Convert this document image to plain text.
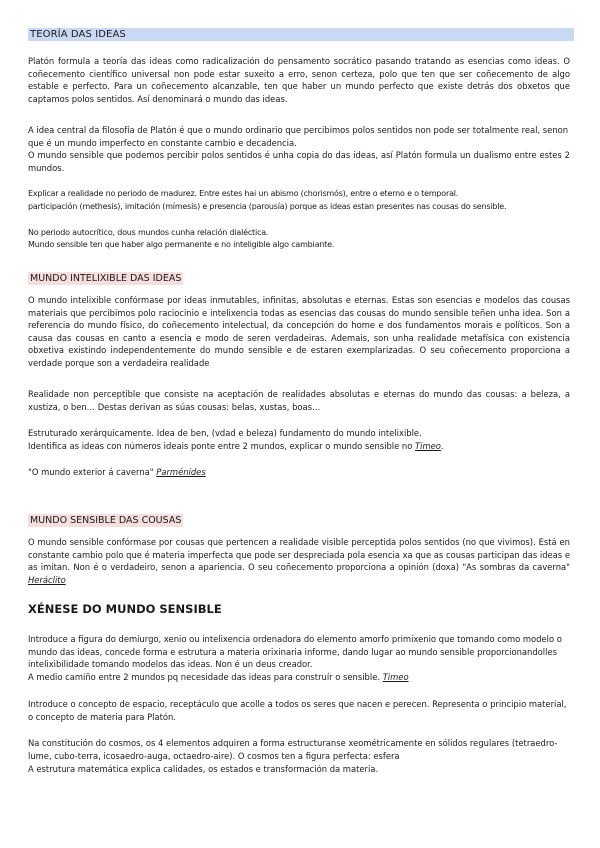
TEORÍA DAS IDEAS

Platón formula a teoría das ideas como radicalización do pensamento socrático pasando tratando as esencias como ideas. O coñecemento científico universal non pode estar suxeito a erro, senon certeza, polo que ten que ser coñecemento de algo estable e perfecto. Para un coñecemento alcanzable, ten que haber un mundo perfecto que existe detrás dos obxetos que captamos polos sentidos. Así denominará o mundo das ideas.

A idea central da filosofía de Platón é que o mundo ordinario que percibimos polos sentidos non pode ser totalmente real, senon que é un mundo imperfecto en constante cambio e decadencia.

O mundo sensible que podemos percibir polos sentidos é unha copia do das ideas, así Platón formula un dualismo entre estes 2 mundos.

Explicar a realidade no periodo de madurez. Entre estes hai un abismo (chorismós), entre o eterno e o temporal.

participación (methesis), imitación (mímesis) e presencia (parousía) porque as ideas estan presentes nas cousas do sensible.

No periodo autocrítico, dous mundos cunha relación dialéctica.

Mundo sensible ten que haber algo permanente e no inteligible algo cambiante.

MUNDO INTELIXIBLE DAS IDEAS

O mundo intelixible confórmase por ideas inmutables, infinitas, absolutas e eternas. Estas son esencias e modelos das cousas materiais que percibimos polo raciocinio e intelixencia todas as esencias das cousas do mundo sensible teñen unha idea. Son a referencia do mundo físico, do coñecemento intelectual, da concepción do home e dos fundamentos morais e políticos. Son a causa das cousas en canto a esencia e modo de seren verdadeiras. Ademais, son unha realidade metafísica con existencia obxetiva existindo independentemente do mundo sensible e de estaren exemplarizadas. O seu coñecemento proporciona a verdade porque son a verdadeira realidade

Realidade non perceptible que consiste na aceptación de realidades absolutas e eternas do mundo das cousas: a beleza, a xustiza, o ben… Destas derivan as súas cousas: belas, xustas, boas…

Estruturado xerárquicamente. Idea de ben, (vdad e beleza) fundamento do mundo intelixible.

Identifica as ideas con números ideais ponte entre 2 mundos, explicar o mundo sensible no Timeo.

"O mundo exterior á caverna" Parménides

MUNDO SENSIBLE DAS COUSAS

O mundo sensible confórmase por cousas que pertencen a realidade visible perceptida polos sentidos (no que vivimos). Está en constante cambio polo que é materia imperfecta que pode ser despreciada pola esencia xa que as cousas participan das ideas e as imitan. Non é o verdadeiro, senon a apariencia. O seu coñecemento proporciona a opinión (doxa) "As sombras da caverna" Heráclito

XÉNESE DO MUNDO SENSIBLE

Introduce a figura do demiurgo, xenio ou intelixencia ordenadora do elemento amorfo primixenio que tomando como modelo o mundo das ideas, concede forma e estrutura a materia orixinaria informe, dando lugar ao mundo sensible proporcionandolles intelixibilidade tomando modelos das ideas. Non é un deus creador.

A medio camiño entre 2 mundos pq necesidade das ideas para construír o sensible. Timeo

Introduce o concepto de espacio, receptáculo que acolle a todos os seres que nacen e perecen. Representa o principio material, o concepto de materia para Platón.

Na constitución do cosmos, os 4 elementos adquiren a forma estructuranse xeométricamente en sólidos regulares (tetraedro-lume, cubo-terra, icosaedro-auga, octaedro-aire). O cosmos ten a figura perfecta: esfera

A estrutura matemática explica calidades, os estados e transformación da materia.
